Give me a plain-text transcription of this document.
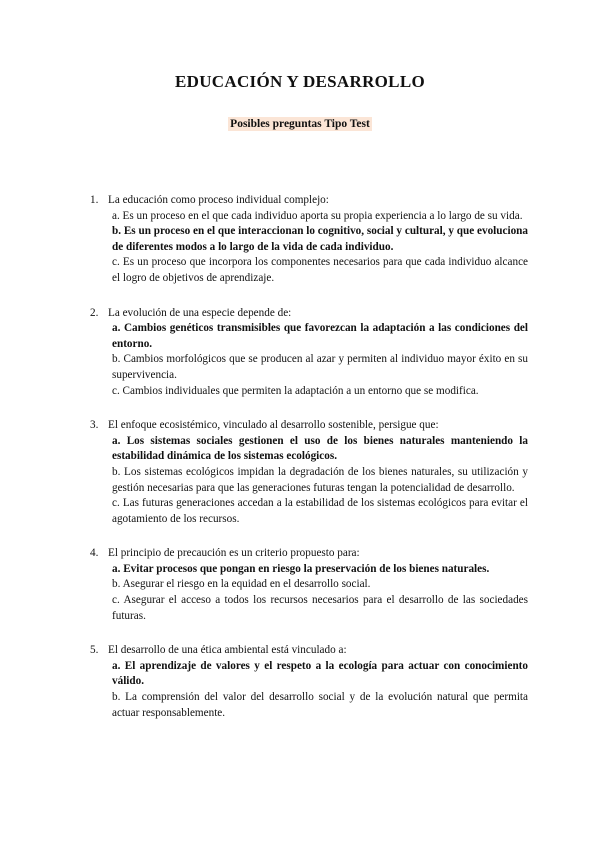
EDUCACIÓN Y DESARROLLO
Posibles preguntas Tipo Test
1. La educación como proceso individual complejo:
a. Es un proceso en el que cada individuo aporta su propia experiencia a lo largo de su vida.
b. Es un proceso en el que interaccionan lo cognitivo, social y cultural, y que evoluciona de diferentes modos a lo largo de la vida de cada individuo.
c. Es un proceso que incorpora los componentes necesarios para que cada individuo alcance el logro de objetivos de aprendizaje.
2. La evolución de una especie depende de:
a. Cambios genéticos transmisibles que favorezcan la adaptación a las condiciones del entorno.
b. Cambios morfológicos que se producen al azar y permiten al individuo mayor éxito en su supervivencia.
c. Cambios individuales que permiten la adaptación a un entorno que se modifica.
3. El enfoque ecosistémico, vinculado al desarrollo sostenible, persigue que:
a. Los sistemas sociales gestionen el uso de los bienes naturales manteniendo la estabilidad dinámica de los sistemas ecológicos.
b. Los sistemas ecológicos impidan la degradación de los bienes naturales, su utilización y gestión necesarias para que las generaciones futuras tengan la potencialidad de desarrollo.
c. Las futuras generaciones accedan a la estabilidad de los sistemas ecológicos para evitar el agotamiento de los recursos.
4. El principio de precaución es un criterio propuesto para:
a. Evitar procesos que pongan en riesgo la preservación de los bienes naturales.
b. Asegurar el riesgo en la equidad en el desarrollo social.
c. Asegurar el acceso a todos los recursos necesarios para el desarrollo de las sociedades futuras.
5. El desarrollo de una ética ambiental está vinculado a:
a. El aprendizaje de valores y el respeto a la ecología para actuar con conocimiento válido.
b. La comprensión del valor del desarrollo social y de la evolución natural que permita actuar responsablemente.
